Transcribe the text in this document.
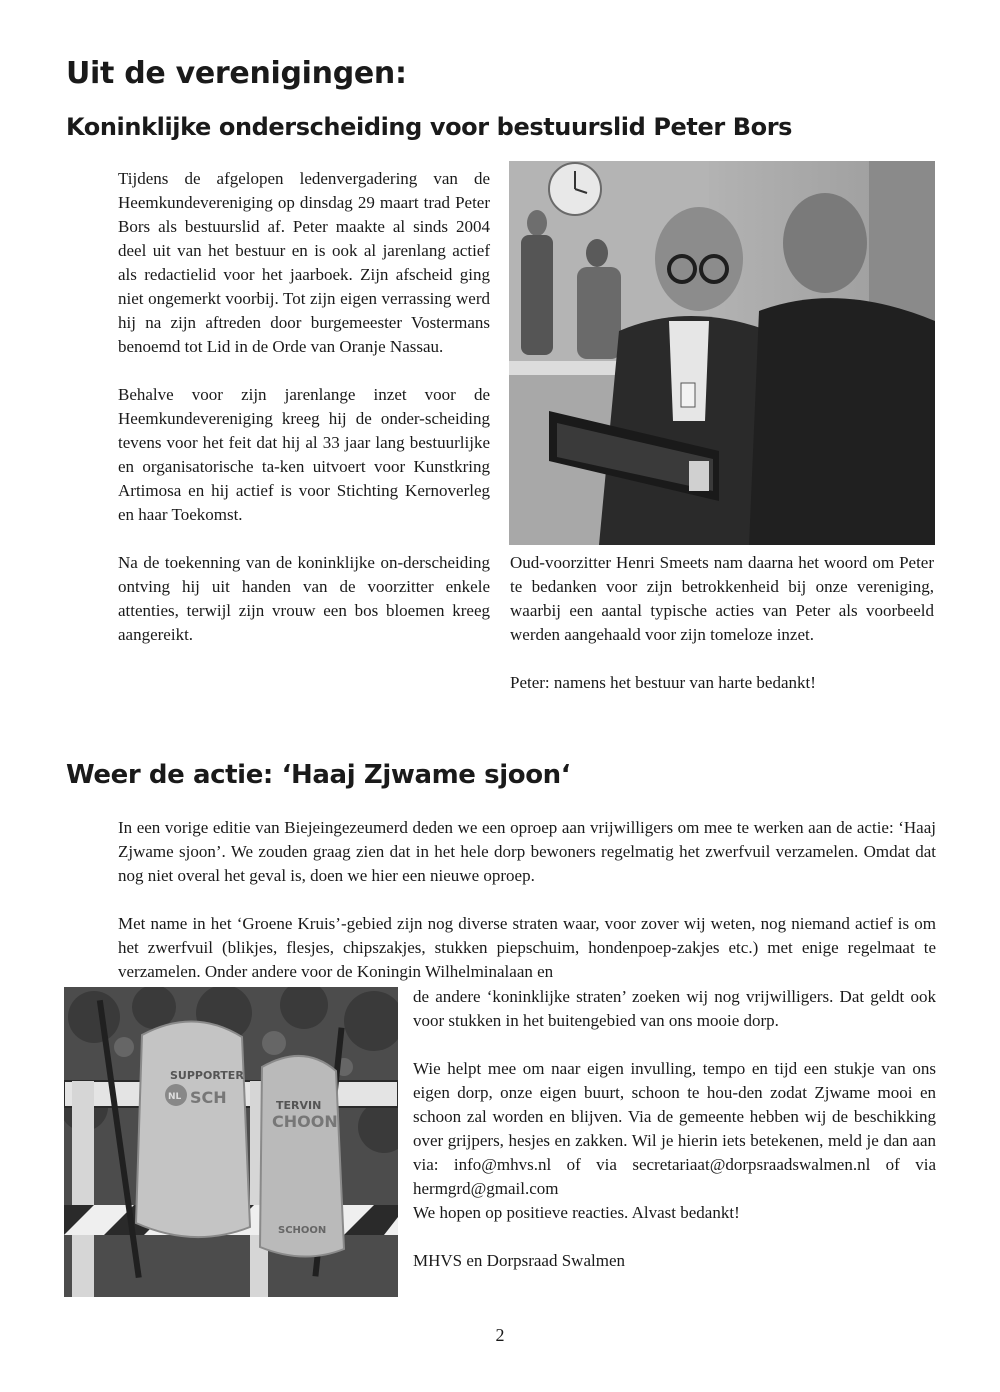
Uit de verenigingen:
Koninklijke onderscheiding voor bestuurslid Peter Bors

Tijdens de afgelopen ledenvergadering van de Heemkundevereniging op dinsdag 29 maart trad Peter Bors als bestuurslid af. Peter maakte al sinds 2004 deel uit van het bestuur en is ook al jarenlang actief als redactielid voor het jaarboek. Zijn afscheid ging niet ongemerkt voorbij. Tot zijn eigen verrassing werd hij na zijn aftreden door burgemeester Vostermans benoemd tot Lid in de Orde van Oranje Nassau.

Behalve voor zijn jarenlange inzet voor de Heemkundevereniging kreeg hij de onder-scheiding tevens voor het feit dat hij al 33 jaar lang bestuurlijke en organisatorische ta-ken uitvoert voor Kunstkring Artimosa en hij actief is voor Stichting Kernoverleg en haar Toekomst.

Na de toekenning van de koninklijke on-derscheiding ontving hij uit handen van de voorzitter enkele attenties, terwijl zijn vrouw een bos bloemen kreeg aangereikt.

Oud-voorzitter Henri Smeets nam daarna het woord om Peter te bedanken voor zijn betrokkenheid bij onze vereniging, waarbij een aantal typische acties van Peter als voorbeeld werden aangehaald voor zijn tomeloze inzet.

Peter: namens het bestuur van harte bedankt!

Weer de actie: ‘Haaj Zjwame sjoon‘

In een vorige editie van Biejeingezeumerd deden we een oproep aan vrijwilligers om mee te werken aan de actie: ‘Haaj Zjwame sjoon’. We zouden graag zien dat in het hele dorp bewoners regelmatig het zwerfvuil verzamelen. Omdat dat nog niet overal het geval is, doen we hier een nieuwe oproep.

Met name in het ‘Groene Kruis’-gebied zijn nog diverse straten waar, voor zover wij weten, nog niemand actief is om het zwerfvuil (blikjes, flesjes, chipszakjes, stukken piepschuim, hondenpoep-zakjes etc.) met enige regelmaat te verzamelen. Onder andere voor de Koningin Wilhelminalaan en

SUPPORTER
NL SCH	TERVIN
CHOON
SCHOON

de andere ‘koninklijke straten’ zoeken wij nog vrijwilligers. Dat geldt ook voor stukken in het buitengebied van ons mooie dorp.

Wie helpt mee om naar eigen invulling, tempo en tijd een stukje van ons eigen dorp, onze eigen buurt, schoon te hou-den zodat Zjwame mooi en schoon zal worden en blijven. Via de gemeente hebben wij de beschikking over grijpers, hesjes en zakken. Wil je hierin iets betekenen, meld je dan aan via: info@mhvs.nl of via secretariaat@dorpsraadswalmen.nl of via hermgrd@gmail.com
We hopen op positieve reacties. Alvast bedankt!

MHVS en Dorpsraad Swalmen

2
